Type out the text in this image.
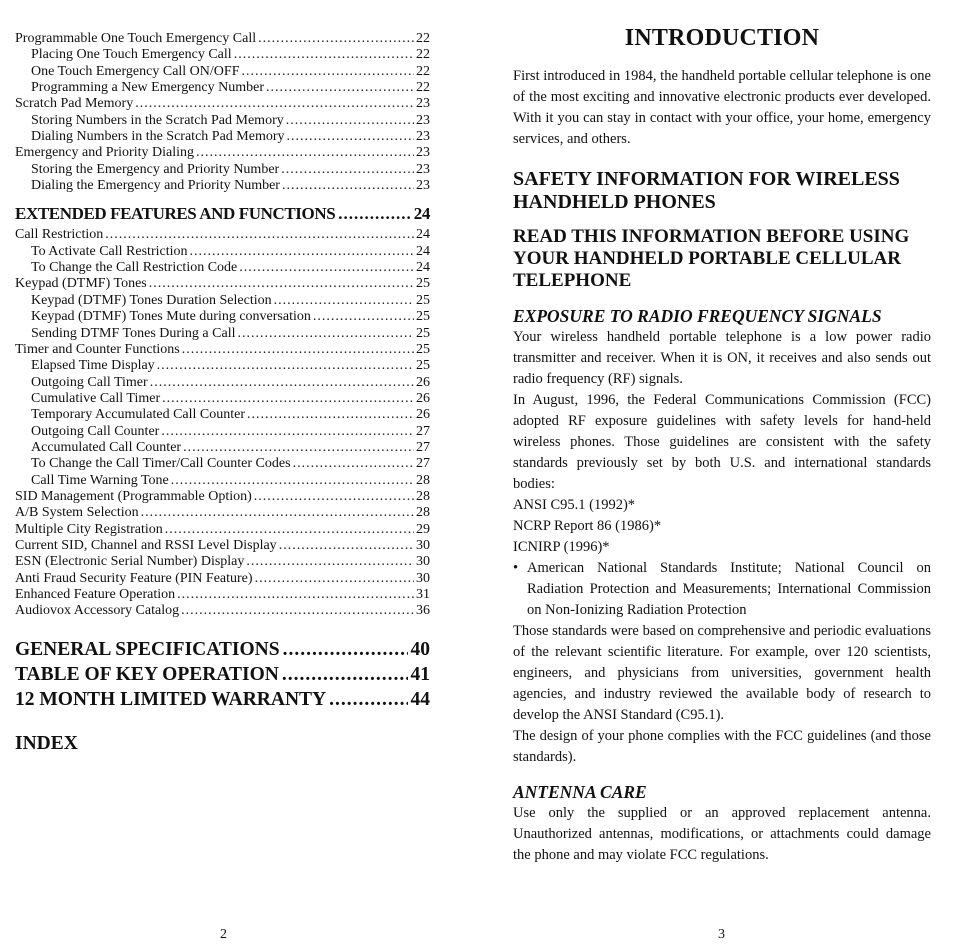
Programmable One Touch Emergency Call .....	22
Placing One Touch Emergency Call .....	22
One Touch Emergency Call ON/OFF .....	22
Programming a New Emergency Number .....	22
Scratch Pad Memory .....	23
Storing Numbers in the Scratch Pad Memory .....	23
Dialing Numbers in the Scratch Pad Memory .....	23
Emergency and Priority Dialing .....	23
Storing the Emergency and Priority Number .....	23
Dialing the Emergency and Priority Number .....	23
EXTENDED FEATURES AND FUNCTIONS .....	24
Call Restriction .....	24
To Activate Call Restriction .....	24
To Change the Call Restriction Code .....	24
Keypad (DTMF) Tones .....	25
Keypad (DTMF) Tones Duration Selection .....	25
Keypad (DTMF) Tones Mute during conversation .....	25
Sending DTMF Tones During a Call .....	25
Timer and Counter Functions .....	25
Elapsed Time Display .....	25
Outgoing Call Timer .....	26
Cumulative Call Timer .....	26
Temporary Accumulated Call Counter .....	26
Outgoing Call Counter .....	27
Accumulated Call Counter .....	27
To Change the Call Timer/Call Counter Codes .....	27
Call Time Warning Tone .....	28
SID Management (Programmable Option) .....	28
A/B System Selection .....	28
Multiple City Registration .....	29
Current SID, Channel and RSSI Level Display .....	30
ESN (Electronic Serial Number) Display .....	30
Anti Fraud Security Feature (PIN Feature) .....	30
Enhanced Feature Operation .....	31
Audiovox Accessory Catalog .....	36
GENERAL SPECIFICATIONS .....	40
TABLE OF KEY OPERATION .....	41
12 MONTH LIMITED WARRANTY .....	44
INDEX
2
INTRODUCTION

First introduced in 1984, the handheld portable cellular telephone is one of the most exciting and innovative electronic products ever developed. With it you can stay in contact with your office, your home, emergency services, and others.

SAFETY INFORMATION FOR WIRELESS HANDHELD PHONES
READ THIS INFORMATION BEFORE USING YOUR HANDHELD PORTABLE CELLULAR TELEPHONE
EXPOSURE TO RADIO FREQUENCY SIGNALS

Your wireless handheld portable telephone is a low power radio transmitter and receiver. When it is ON, it receives and also sends out radio frequency (RF) signals.

In August, 1996, the Federal Communications Commission (FCC) adopted RF exposure guidelines with safety levels for hand-held wireless phones. Those guidelines are consistent with the safety standards previously set by both U.S. and international standards bodies:

ANSI C95.1 (1992)*

NCRP Report 86 (1986)*

ICNIRP (1996)*

• American National Standards Institute; National Council on Radiation Protection and Measurements; International Commission on Non-Ionizing Radiation Protection

Those standards were based on comprehensive and periodic evaluations of the relevant scientific literature. For example, over 120 scientists, engineers, and physicians from universities, government health agencies, and industry reviewed the available body of research to develop the ANSI Standard (C95.1).

The design of your phone complies with the FCC guidelines (and those standards).

ANTENNA CARE

Use only the supplied or an approved replacement antenna. Unauthorized antennas, modifications, or attachments could damage the phone and may violate FCC regulations.

3
